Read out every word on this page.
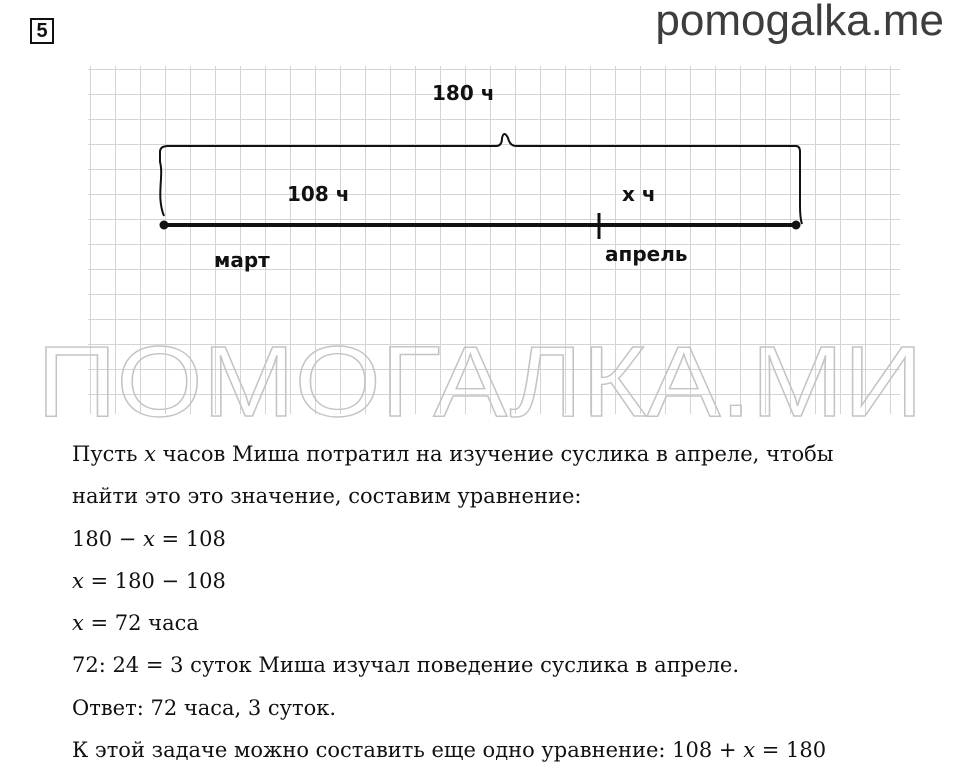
5	pomogalka.me
180 ч
108 ч	x ч
март	апрель
ПОМОГАЛКА.МИ
Пусть 𝑥 часов Миша потратил на изучение суслика в апреле, чтобы
найти это это значение, составим уравнение:
180 − 𝑥 = 108
𝑥 = 180 − 108
𝑥 = 72 часа
72: 24 = 3 суток Миша изучал поведение суслика в апреле.
Ответ: 72 часа, 3 суток.
К этой задаче можно составить еще одно уравнение: 108 + 𝑥 = 180
